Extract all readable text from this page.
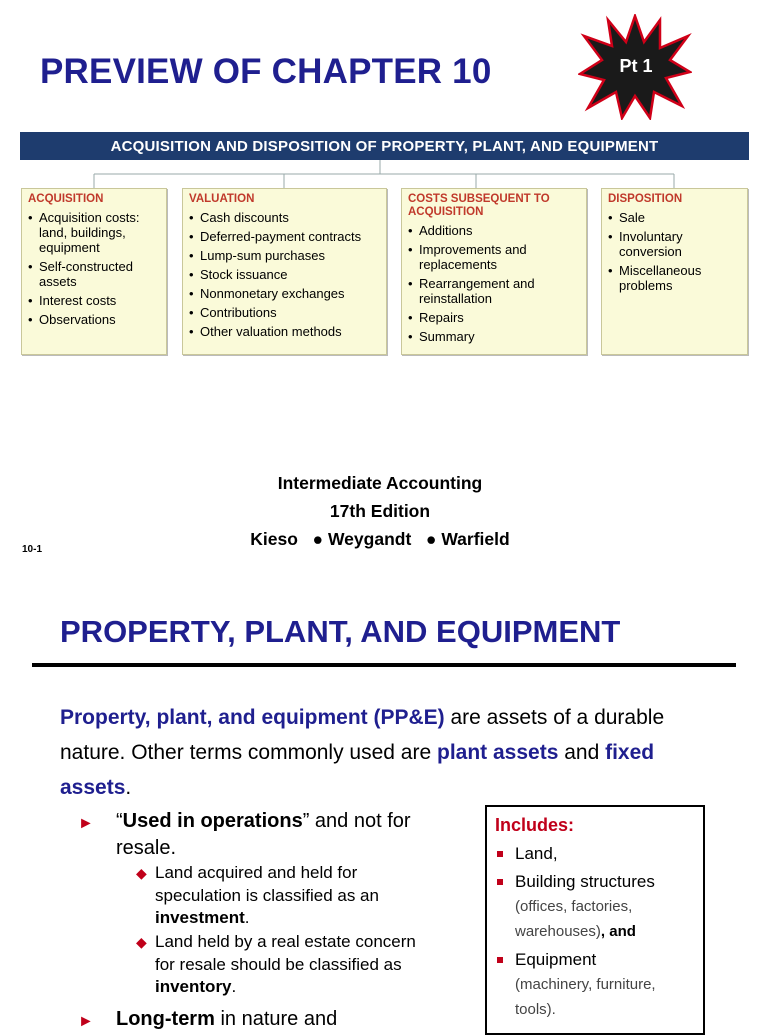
PREVIEW OF CHAPTER 10	Pt 1
ACQUISITION AND DISPOSITION OF PROPERTY, PLANT, AND EQUIPMENT
ACQUISITION
• Acquisition costs: land, buildings, equipment
• Self-constructed assets
• Interest costs
• Observations
VALUATION
• Cash discounts
• Deferred-payment contracts
• Lump-sum purchases
• Stock issuance
• Nonmonetary exchanges
• Contributions
• Other valuation methods
COSTS SUBSEQUENT TO ACQUISITION
• Additions
• Improvements and replacements
• Rearrangement and reinstallation
• Repairs
• Summary
DISPOSITION
• Sale
• Involuntary conversion
• Miscellaneous problems
Intermediate Accounting
17th Edition
Kieso   ● Weygandt   ● Warfield
10-1
PROPERTY, PLANT, AND EQUIPMENT
Property, plant, and equipment (PP&E) are assets of a durable nature. Other terms commonly used are plant assets and fixed assets.
► “Used in operations” and not for resale.
◆ Land acquired and held for speculation is classified as an investment.
◆ Land held by a real estate concern for resale should be classified as inventory.
► Long-term in nature and
Includes:
Land,
Building structures
(offices, factories, warehouses), and
Equipment
(machinery, furniture, tools).
